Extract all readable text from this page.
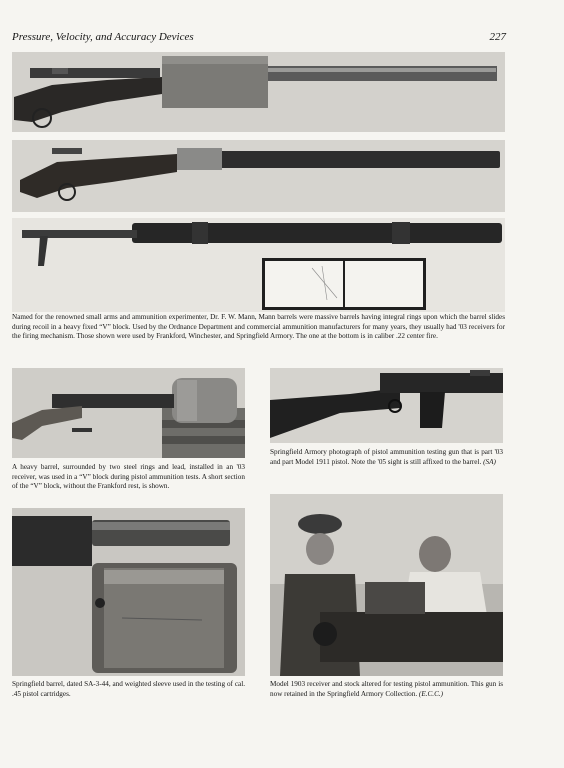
Pressure, Velocity, and Accuracy Devices	227
Named for the renowned small arms and ammunition experimenter, Dr. F. W. Mann, Mann barrels were massive barrels having integral rings upon which the barrel slides during recoil in a heavy fixed “V” block. Used by the Ordnance Department and commercial ammunition manufacturers for many years, they usually had '03 receivers for the firing mechanism. Those shown were used by Frankford, Winchester, and Springfield Armory. The one at the bottom is in caliber .22 center fire.
A heavy barrel, surrounded by two steel rings and lead, installed in an '03 receiver, was used in a “V” block during pistol ammunition tests. A short section of the “V” block, without the Frankford rest, is shown.
Springfield Armory photograph of pistol ammunition testing gun that is part '03 and part Model 1911 pistol. Note the '05 sight is still affixed to the barrel. (SA)
Springfield barrel, dated SA-3-44, and weighted sleeve used in the testing of cal. .45 pistol cartridges.
Model 1903 receiver and stock altered for testing pistol ammunition. This gun is now retained in the Springfield Armory Collection. (E.C.C.)
